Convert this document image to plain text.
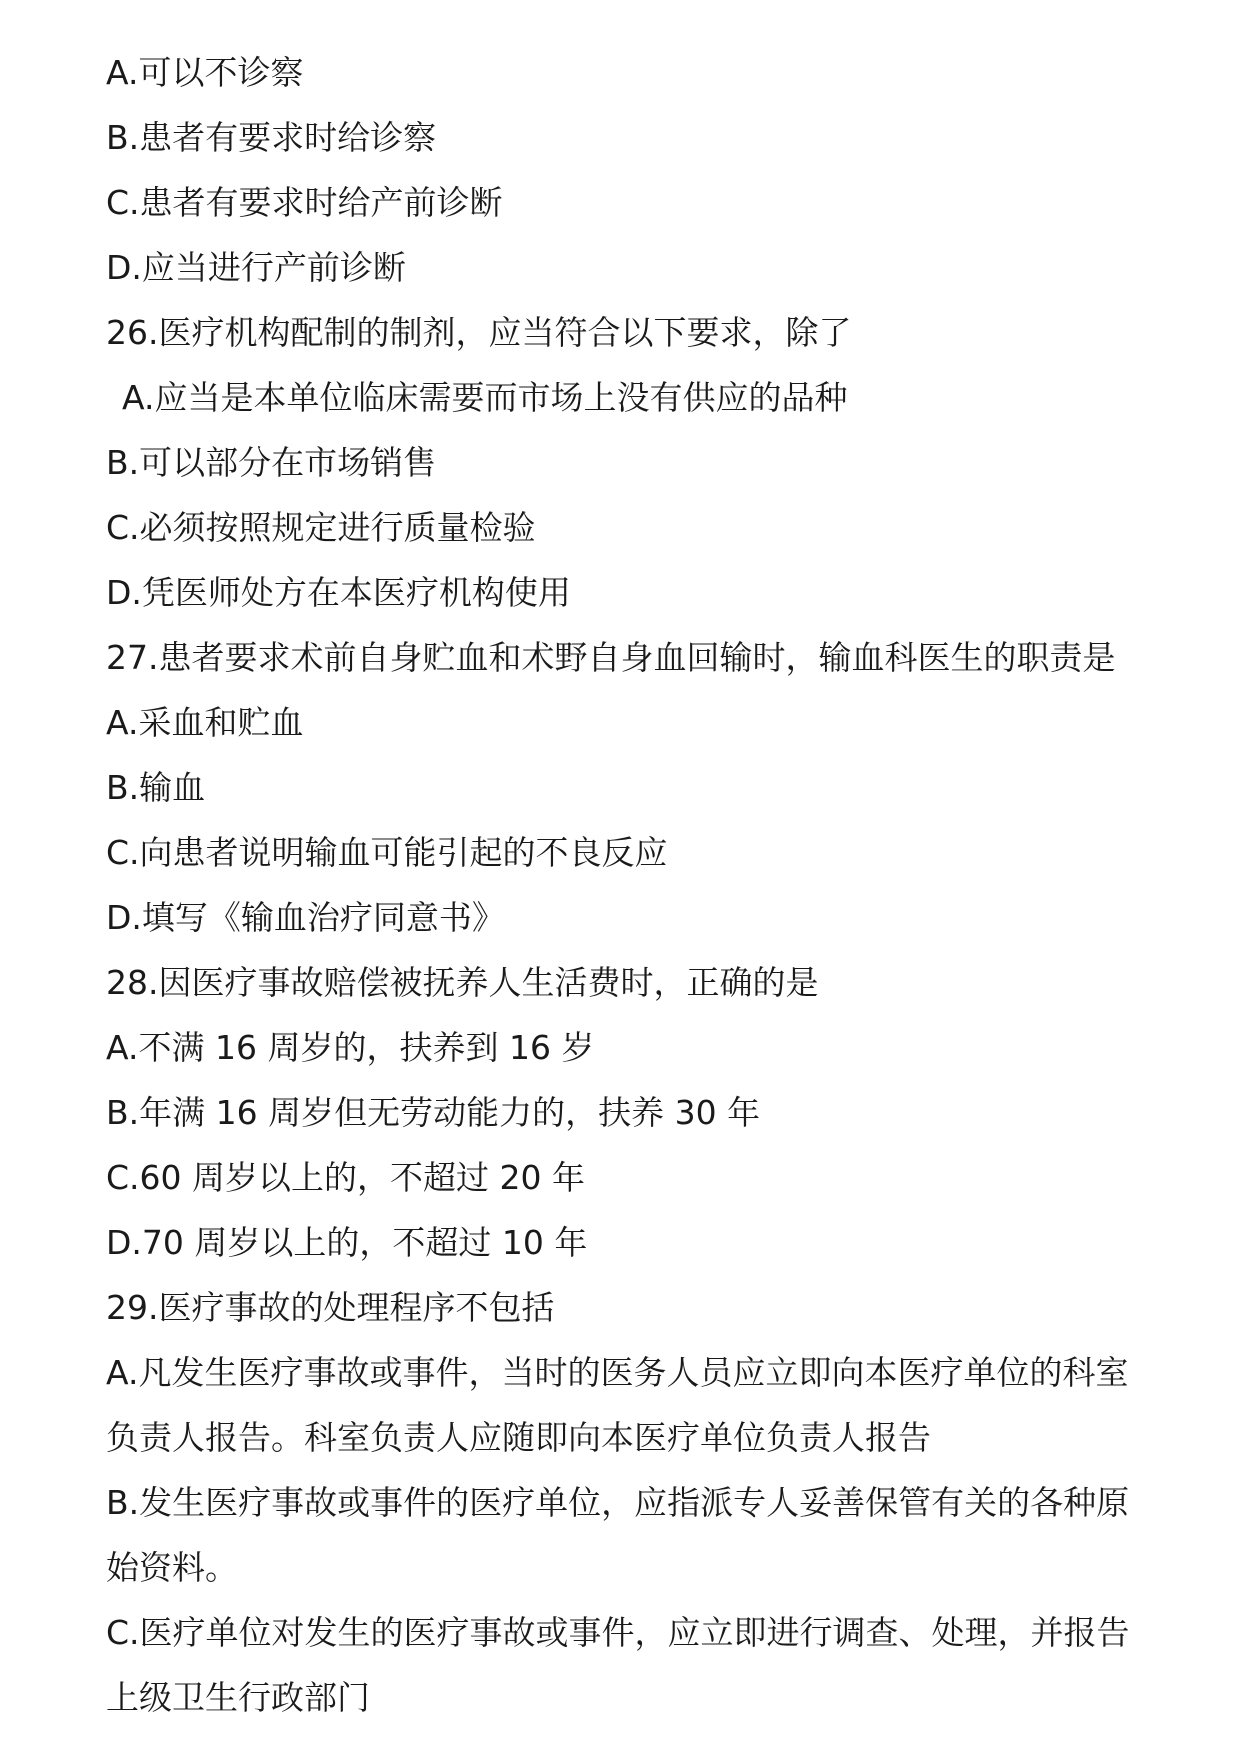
A.可以不诊察
B.患者有要求时给诊察
C.患者有要求时给产前诊断
D.应当进行产前诊断
26.医疗机构配制的制剂，应当符合以下要求，除了
A.应当是本单位临床需要而市场上没有供应的品种
B.可以部分在市场销售
C.必须按照规定进行质量检验
D.凭医师处方在本医疗机构使用
27.患者要求术前自身贮血和术野自身血回输时，输血科医生的职责是
A.采血和贮血
B.输血
C.向患者说明输血可能引起的不良反应
D.填写《输血治疗同意书》
28.因医疗事故赔偿被抚养人生活费时，正确的是
A.不满 16 周岁的，扶养到 16 岁
B.年满 16 周岁但无劳动能力的，扶养 30 年
C.60 周岁以上的，不超过 20 年
D.70 周岁以上的，不超过 10 年
29.医疗事故的处理程序不包括
A.凡发生医疗事故或事件，当时的医务人员应立即向本医疗单位的科室
负责人报告。科室负责人应随即向本医疗单位负责人报告
B.发生医疗事故或事件的医疗单位，应指派专人妥善保管有关的各种原
始资料。
C.医疗单位对发生的医疗事故或事件，应立即进行调查、处理，并报告
上级卫生行政部门
